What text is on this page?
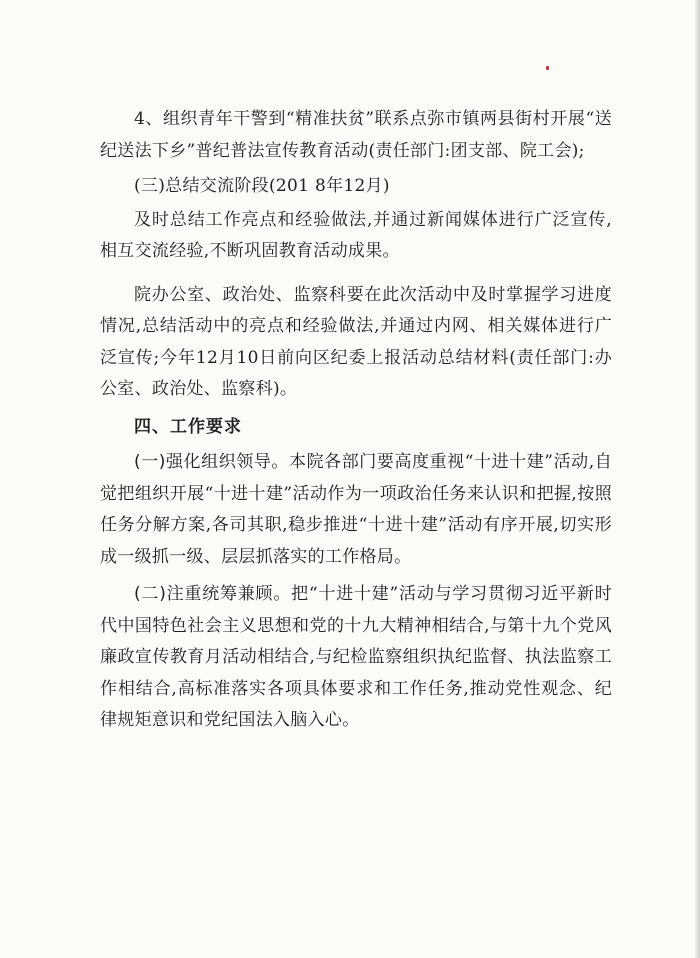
4、组织青年干警到“精准扶贫”联系点弥市镇两县街村开展“送纪送法下乡”普纪普法宣传教育活动(责任部门:团支部、院工会);

(三)总结交流阶段(201 8年12月)

及时总结工作亮点和经验做法,并通过新闻媒体进行广泛宣传,相互交流经验,不断巩固教育活动成果。

院办公室、政治处、监察科要在此次活动中及时掌握学习进度情况,总结活动中的亮点和经验做法,并通过内网、相关媒体进行广泛宣传;今年12月10日前向区纪委上报活动总结材料(责任部门:办公室、政治处、监察科)。

四、工作要求

(一)强化组织领导。本院各部门要高度重视“十进十建”活动,自觉把组织开展“十进十建”活动作为一项政治任务来认识和把握,按照任务分解方案,各司其职,稳步推进“十进十建”活动有序开展,切实形成一级抓一级、层层抓落实的工作格局。

(二)注重统筹兼顾。把“十进十建”活动与学习贯彻习近平新时代中国特色社会主义思想和党的十九大精神相结合,与第十九个党风廉政宣传教育月活动相结合,与纪检监察组织执纪监督、执法监察工作相结合,高标准落实各项具体要求和工作任务,推动党性观念、纪律规矩意识和党纪国法入脑入心。
